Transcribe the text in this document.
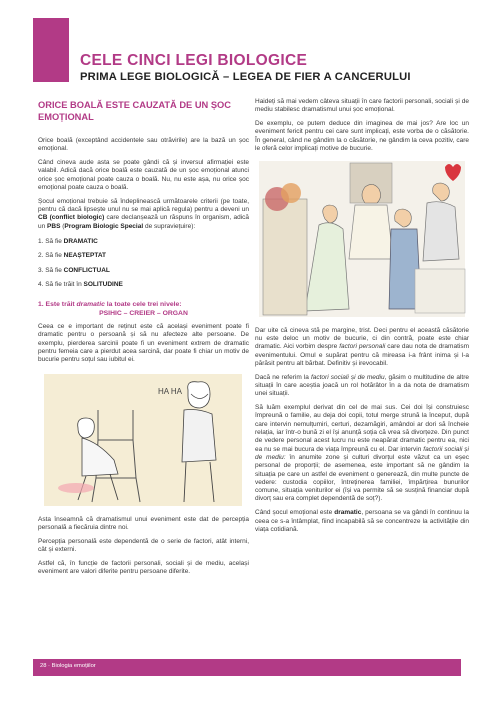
CELE CINCI LEGI BIOLOGICE
PRIMA LEGE BIOLOGICĂ – LEGEA DE FIER A CANCERULUI
ORICE BOALĂ ESTE CAUZATĂ DE UN ȘOC EMOȚIONAL

Orice boală (exceptând accidentele sau otrăvirile) are la bază un șoc emoțional.

Când cineva aude asta se poate gândi că și inversul afirmației este valabil. Adică dacă orice boală este cauzată de un șoc emoțional atunci orice șoc emoțional poate cauza o boală. Nu, nu este așa, nu orice șoc emoțional poate cauza o boală.

Șocul emoțional trebuie să îndeplinească următoarele criterii (pe toate, pentru că dacă lipsește unul nu se mai aplică regula) pentru a deveni un CB (conflict biologic) care declanșează un răspuns în organism, adică un PBS (Program Biologic Special de supraviețuire):

1. Să fie DRAMATIC

2. Să fie NEAȘTEPTAT

3. Să fie CONFLICTUAL

4. Să fie trăit în SOLITUDINE

1. Este trăit dramatic la toate cele trei nivele:
PSIHIC – CREIER – ORGAN

Ceea ce e important de reținut este că același eveniment poate fi dramatic pentru o persoană și să nu afecteze alte persoane. De exemplu, pierderea sarcinii poate fi un eveniment extrem de dramatic pentru femeia care a pierdut acea sarcină, dar poate fi chiar un motiv de bucurie pentru soțul sau iubitul ei.

HA HA

Asta înseamnă că dramatismul unui eveniment este dat de percepția personală a fiecăruia dintre noi.

Percepția personală este dependentă de o serie de factori, atât interni, cât și externi.

Astfel că, în funcție de factorii personali, sociali și de mediu, același eveniment are valori diferite pentru persoane diferite.

Haideți să mai vedem câteva situații în care factorii personali, sociali și de mediu stabilesc dramatismul unui șoc emoțional.

De exemplu, ce putem deduce din imaginea de mai jos? Are loc un eveniment fericit pentru cei care sunt implicați, este vorba de o căsătorie. În general, când ne gândim la o căsătorie, ne gândim la ceva pozitiv, care le oferă celor implicați motive de bucurie.

Dar uite că cineva stă pe margine, trist. Deci pentru el această căsătorie nu este deloc un motiv de bucurie, ci din contră, poate este chiar dramatic. Aici vorbim despre factori personali care dau nota de dramatism evenimentului. Omul e supărat pentru că mireasa i-a frânt inima și l-a părăsit pentru alt bărbat. Definitiv și irevocabil.

Dacă ne referim la factori sociali și de mediu, găsim o multitudine de altre situații în care aceștia joacă un rol hotărâtor în a da nota de dramatism unei situații.

Să luăm exemplul derivat din cel de mai sus. Cei doi își construiesc împreună o familie, au deja doi copii, totul merge strună la început, după care intervin nemulțumiri, certuri, dezamăgiri, amândoi ar dori să încheie relația, iar într-o bună zi el își anunță soția că vrea să divorțeze. Din punct de vedere personal acest lucru nu este neapărat dramatic pentru ea, nici ea nu se mai bucura de viața împreună cu el. Dar intervin factorii sociali și de mediu: în anumite zone și culturi divorțul este văzut ca un eșec personal de proporții; de asemenea, este important să ne gândim la situația pe care un astfel de eveniment o generează, din multe puncte de vedere: custodia copiilor, întreținerea familiei, împărțirea bunurilor comune, situația veniturilor ei (își va permite să se susțină financiar după divorț sau era complet dependentă de soț?).

Când șocul emoțional este dramatic, persoana se va gândi în continuu la ceea ce s-a întâmplat, fiind incapabilă să se concentreze la activitățile din viața cotidiană.

28 · Biologia emoțiilor
